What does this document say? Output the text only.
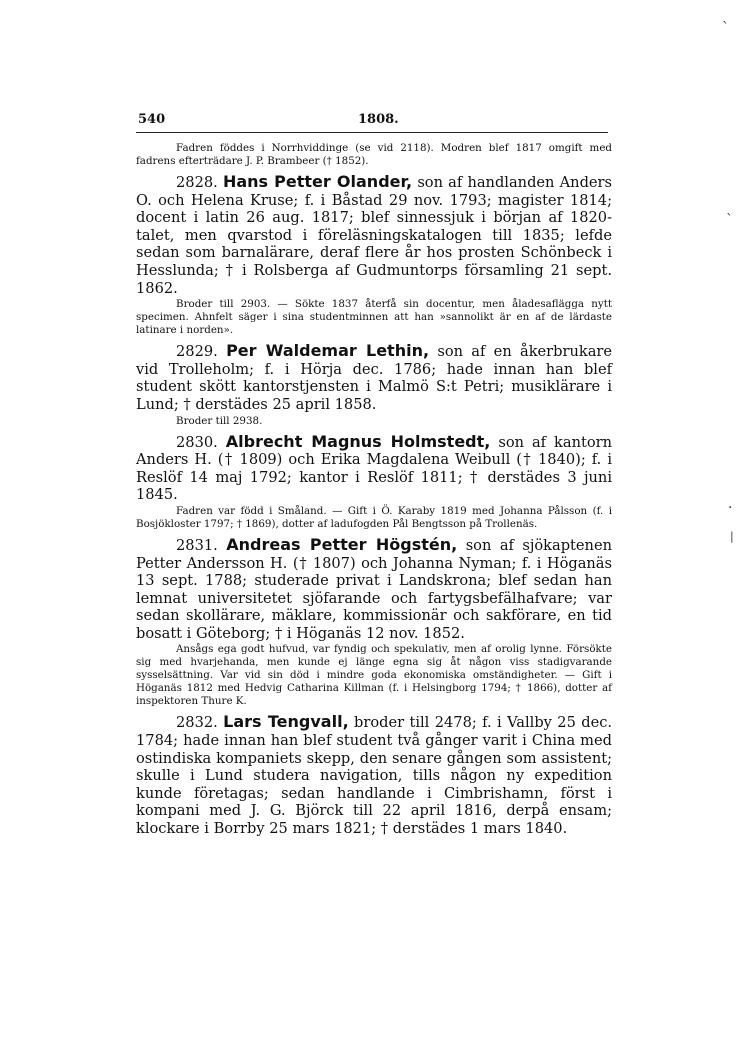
540	1808.

Fadren föddes i Norrhviddinge (se vid 2118). Modren blef 1817 omgift med fadrens efterträdare J. P. Brambeer († 1852).

2828. Hans Petter Olander, son af handlanden Anders O. och Helena Kruse; f. i Båstad 29 nov. 1793; magister 1814; docent i latin 26 aug. 1817; blef sinnessjuk i början af 1820-talet, men qvarstod i föreläsningskatalogen till 1835; lefde sedan som barnalärare, deraf flere år hos prosten Schönbeck i Hesslunda; † i Rolsberga af Gudmuntorps församling 21 sept. 1862.

Broder till 2903. — Sökte 1837 återfå sin docentur, men åladesaflägga nytt specimen. Ahnfelt säger i sina studentminnen att han »sannolikt är en af de lärdaste latinare i norden».

2829. Per Waldemar Lethin, son af en åkerbrukare vid Trolleholm; f. i Hörja dec. 1786; hade innan han blef student skött kantorstjensten i Malmö S:t Petri; musiklärare i Lund; † derstädes 25 april 1858.

Broder till 2938.

2830. Albrecht Magnus Holmstedt, son af kantorn Anders H. († 1809) och Erika Magdalena Weibull († 1840); f. i Reslöf 14 maj 1792; kantor i Reslöf 1811; † derstädes 3 juni 1845.

Fadren var född i Småland. — Gift i Ö. Karaby 1819 med Johanna Pålsson (f. i Bosjökloster 1797; † 1869), dotter af ladufogden Pål Bengtsson på Trollenäs.

2831. Andreas Petter Högstén, son af sjökaptenen Petter Andersson H. († 1807) och Johanna Nyman; f. i Höganäs 13 sept. 1788; studerade privat i Landskrona; blef sedan han lemnat universitetet sjöfarande och fartygsbefälhafvare; var sedan skollärare, mäklare, kommissionär och sakförare, en tid bosatt i Göteborg; † i Höganäs 12 nov. 1852.

Ansågs ega godt hufvud, var fyndig och spekulativ, men af orolig lynne. Försökte sig med hvarjehanda, men kunde ej länge egna sig åt någon viss stadigvarande sysselsättning. Var vid sin död i mindre goda ekonomiska omständigheter. — Gift i Höganäs 1812 med Hedvig Catharina Killman (f. i Helsingborg 1794; † 1866), dotter af inspektoren Thure K.

2832. Lars Tengvall, broder till 2478; f. i Vallby 25 dec. 1784; hade innan han blef student två gånger varit i China med ostindiska kompaniets skepp, den senare gången som assistent; skulle i Lund studera navigation, tills någon ny expedition kunde företagas; sedan handlande i Cimbrishamn, först i kompani med J. G. Björck till 22 april 1816, derpå ensam; klockare i Borrby 25 mars 1821; † derstädes 1 mars 1840.

ˋ
ˋ
·
|
